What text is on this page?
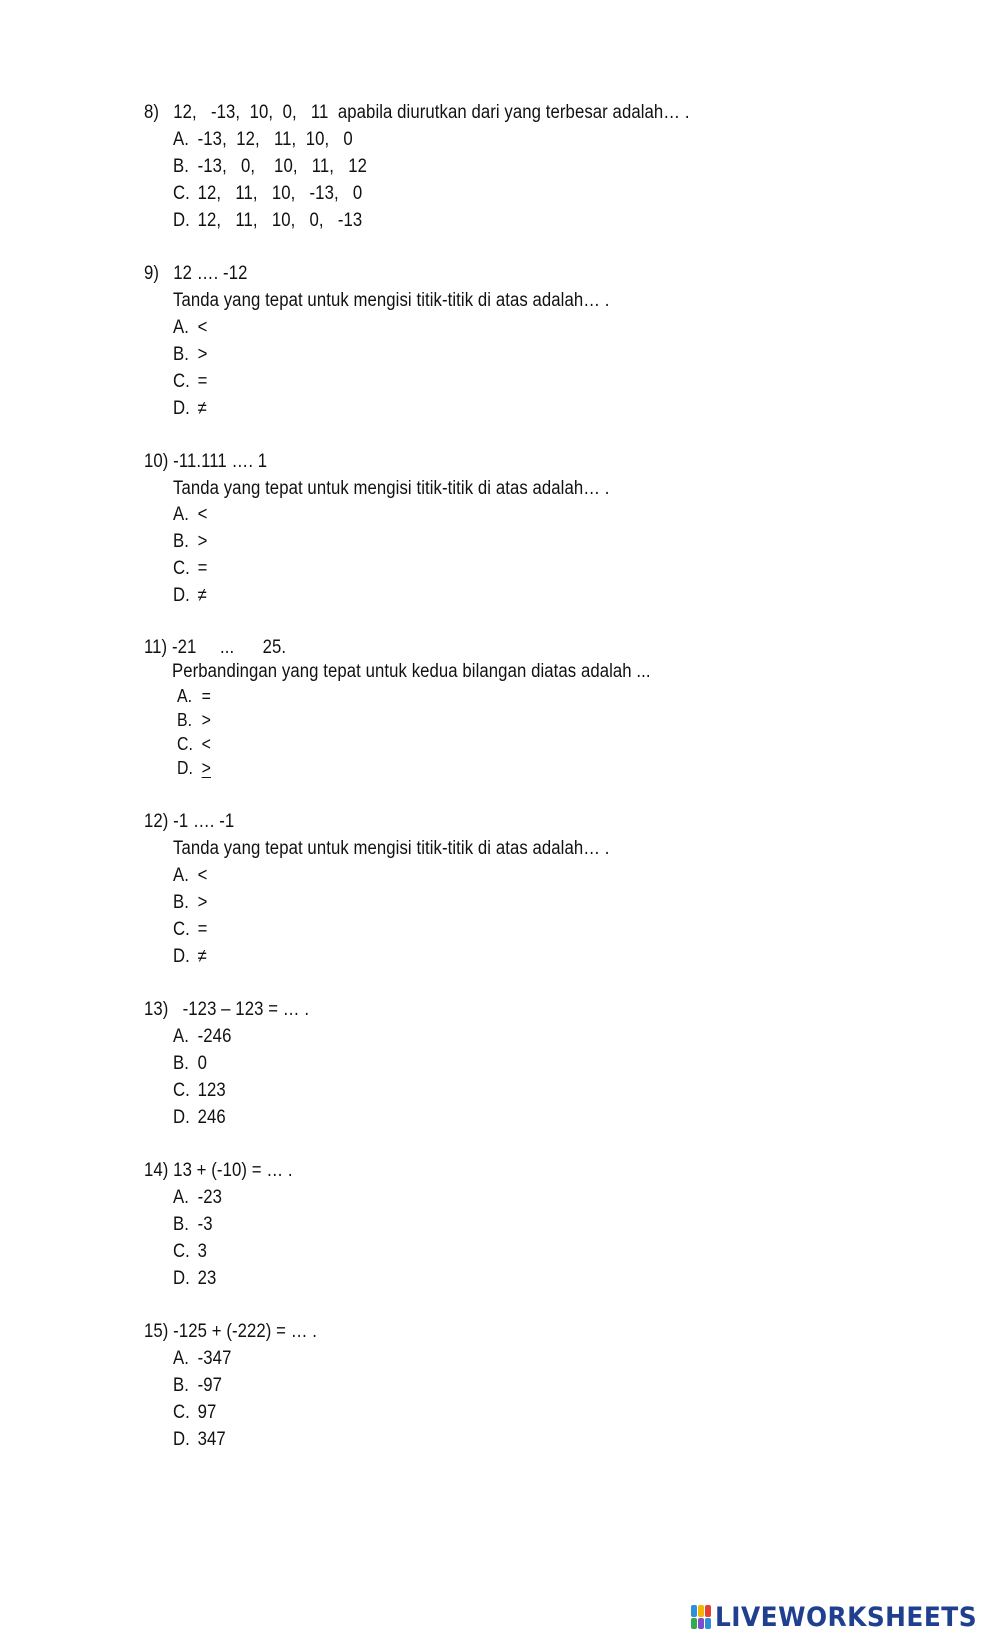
8) 12,   -13,  10,  0,   11  apabila diurutkan dari yang terbesar adalah… .
A. -13,  12,   11,  10,   0
B. -13,   0,    10,   11,   12
C. 12,   11,   10,   -13,   0
D. 12,   11,   10,   0,   -13
9) 12 …. -12
Tanda yang tepat untuk mengisi titik-titik di atas adalah… .
A. <
B. >
C. =
D. ≠
10) -11.111 …. 1
Tanda yang tepat untuk mengisi titik-titik di atas adalah… .
A. <
B. >
C. =
D. ≠
11) -21     ...      25.
Perbandingan yang tepat untuk kedua bilangan diatas adalah ...
A. =
B. >
C. <
D. >
12) -1 …. -1
Tanda yang tepat untuk mengisi titik-titik di atas adalah… .
A. <
B. >
C. =
D. ≠
13) -123 – 123 = … .
A. -246
B. 0
C. 123
D. 246
14) 13 + (-10) = … .
A. -23
B. -3
C. 3
D. 23
15) -125 + (-222) = … .
A. -347
B. -97
C. 97
D. 347
LIVEWORKSHEETS
